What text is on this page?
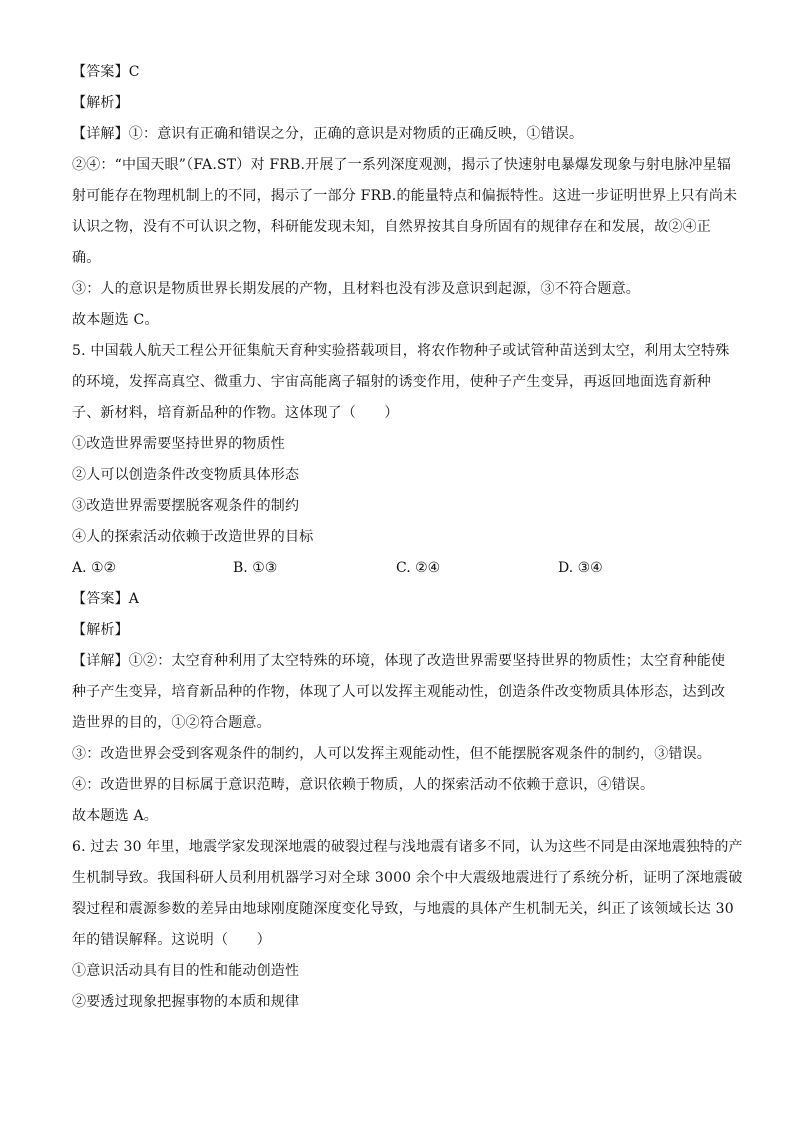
【答案】C
【解析】
【详解】①：意识有正确和错误之分，正确的意识是对物质的正确反映，①错误。
②④：“中国天眼”（FA.ST）对 FRB.开展了一系列深度观测，揭示了快速射电暴爆发现象与射电脉冲星辐
射可能存在物理机制上的不同，揭示了一部分 FRB.的能量特点和偏振特性。这进一步证明世界上只有尚未
认识之物，没有不可认识之物，科研能发现未知，自然界按其自身所固有的规律存在和发展，故②④正
确。
③：人的意识是物质世界长期发展的产物，且材料也没有涉及意识到起源，③不符合题意。
故本题选 C。
5. 中国载人航天工程公开征集航天育种实验搭载项目，将农作物种子或试管种苗送到太空，利用太空特殊
的环境，发挥高真空、微重力、宇宙高能离子辐射的诱变作用，使种子产生变异，再返回地面选育新种
子、新材料，培育新品种的作物。这体现了（　　）
①改造世界需要坚持世界的物质性
②人可以创造条件改变物质具体形态
③改造世界需要摆脱客观条件的制约
④人的探索活动依赖于改造世界的目标
A. ①②	B. ①③	C. ②④	D. ③④
【答案】A
【解析】
【详解】①②：太空育种利用了太空特殊的环境，体现了改造世界需要坚持世界的物质性；太空育种能使
种子产生变异，培育新品种的作物，体现了人可以发挥主观能动性，创造条件改变物质具体形态，达到改
造世界的目的，①②符合题意。
③：改造世界会受到客观条件的制约，人可以发挥主观能动性，但不能摆脱客观条件的制约，③错误。
④：改造世界的目标属于意识范畴，意识依赖于物质，人的探索活动不依赖于意识，④错误。
故本题选 A。
6. 过去 30 年里，地震学家发现深地震的破裂过程与浅地震有诸多不同，认为这些不同是由深地震独特的产
生机制导致。我国科研人员利用机器学习对全球 3000 余个中大震级地震进行了系统分析，证明了深地震破
裂过程和震源参数的差异由地球刚度随深度变化导致，与地震的具体产生机制无关，纠正了该领域长达 30
年的错误解释。这说明（　　）
①意识活动具有目的性和能动创造性
②要透过现象把握事物的本质和规律
